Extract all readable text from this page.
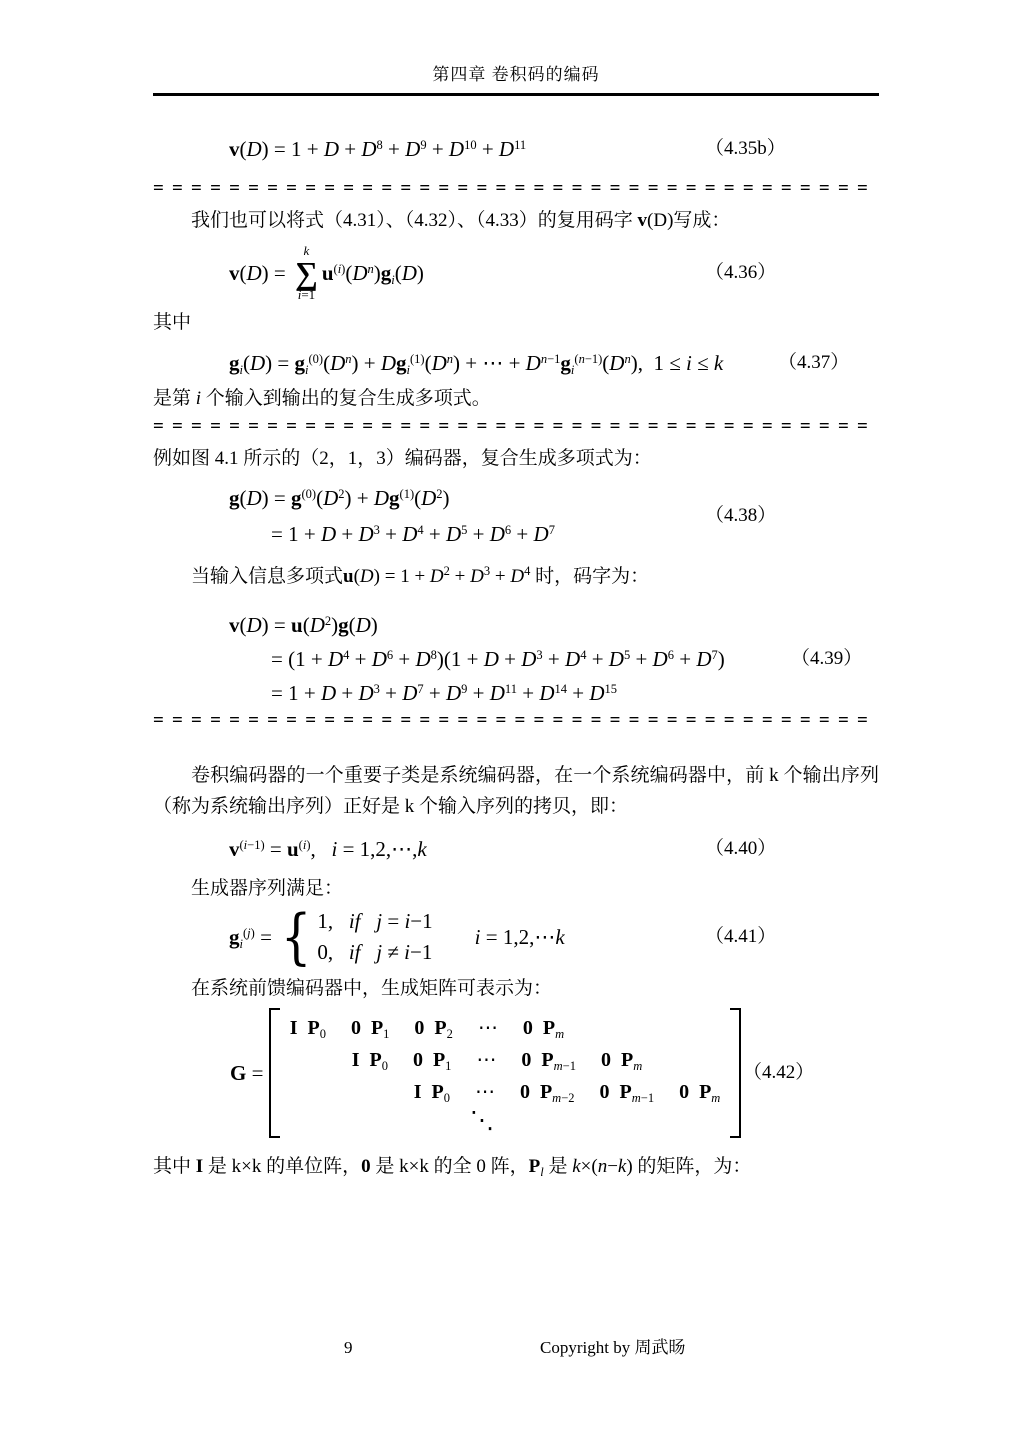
第四章 卷积码的编码
$v(D) = 1 + D + D^8 + D^9 + D^{10} + D^{11}$	（4.35b）
======================================
我们也可以将式（4.31）、（4.32）、（4.33）的复用码字 v(D)写成：
v(D) =
k
∑
i=1
$u^{(i)}(D^n)g_i(D)$	（4.36）
其中
$g_i(D) = g_i^{(0)}(D^n) + Dg_i^{(1)}(D^n)$ + ⋯ + $D^{n-1}g_i^{(n-1)}(D^n)$,  1 ≤ i ≤ k	（4.37）
是第 i 个输入到输出的复合生成多项式。
======================================
例如图 4.1 所示的（2，1，3）编码器，复合生成多项式为：
$g(D) = g^{(0)}(D^2) + Dg^{(1)}(D^2)$
= $1 + D + D^3 + D^4 + D^5 + D^6 + D^7$
（4.38）
当输入信息多项式$u(D) = 1 + D^2 + D^3 + D^4$ 时，码字为：
$v(D) = u(D^2)g(D)$
= $(1 + D^4 + D^6 + D^8)(1 + D + D^3 + D^4 + D^5 + D^6 + D^7)$
= $1 + D + D^3 + D^7 + D^9 + D^{11} + D^{14} + D^{15}$
（4.39）
======================================
卷积编码器的一个重要子类是系统编码器，在一个系统编码器中，前 k 个输出序列（称为系统输出序列）正好是 k 个输入序列的拷贝，即：
$v^{(i-1)} = u^{(i)}$,   i = 1,2,⋯,k	（4.40）
生成器序列满足：
$g_i^{(j)}$ = { 1,   if j = i−1
0,   if j ≠ i−1
i = 1,2,⋯k	（4.41）
在系统前馈编码器中，生成矩阵可表示为：
G =
I $P_0$ 0 $P_1$ 0 $P_2$     ⋯     0 $P_m$
I $P_0$ 0 $P_1$     ⋯     0 $P_{m-1}$ 0 $P_m$
I $P_0$     ⋯     0 $P_{m-2}$ 0 $P_{m-1}$ 0 $P_m$
⋱
（4.42）
其中 I 是 k×k 的单位阵，0 是 k×k 的全 0 阵，$P_l$ 是 k×(n−k) 的矩阵，为：
9	Copyright by 周武旸
